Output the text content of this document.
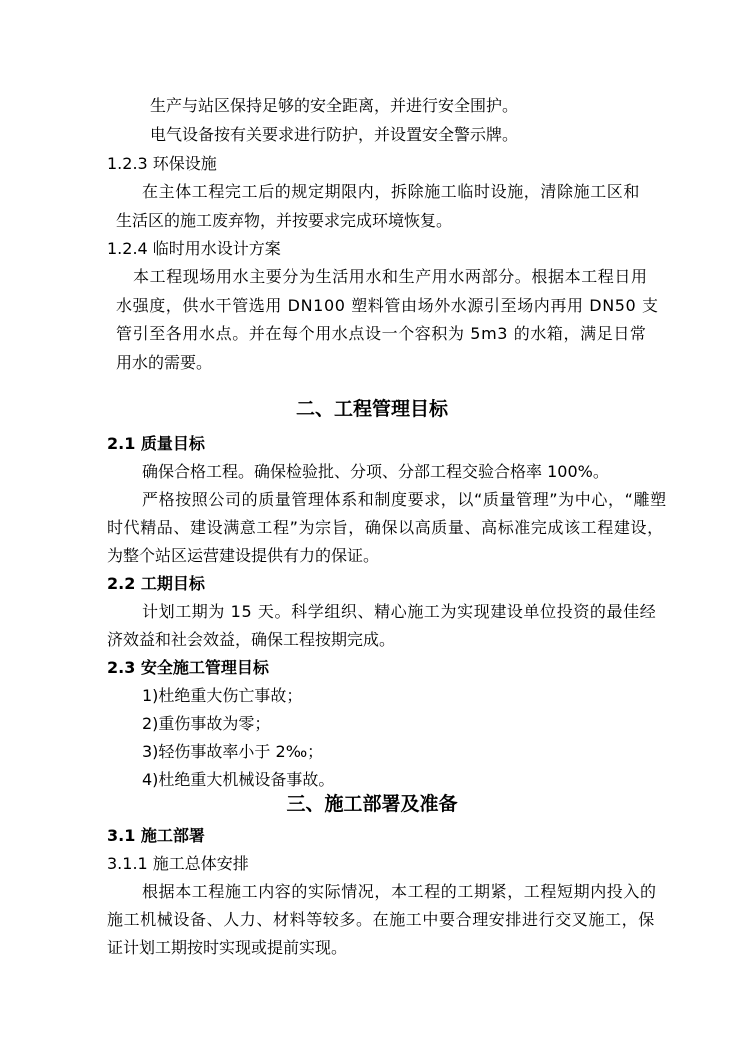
生产与站区保持足够的安全距离，并进行安全围护。
电气设备按有关要求进行防护，并设置安全警示牌。
1.2.3 环保设施
在主体工程完工后的规定期限内，拆除施工临时设施，清除施工区和
生活区的施工废弃物，并按要求完成环境恢复。
1.2.4 临时用水设计方案
本工程现场用水主要分为生活用水和生产用水两部分。根据本工程日用
水强度，供水干管选用 DN100 塑料管由场外水源引至场内再用 DN50 支
管引至各用水点。并在每个用水点设一个容积为 5m3 的水箱，满足日常
用水的需要。
二、工程管理目标
2.1 质量目标
确保合格工程。确保检验批、分项、分部工程交验合格率 100%。
严格按照公司的质量管理体系和制度要求，以“质量管理”为中心，“雕塑
时代精品、建设满意工程”为宗旨，确保以高质量、高标准完成该工程建设，
为整个站区运营建设提供有力的保证。
2.2 工期目标
计划工期为 15 天。科学组织、精心施工为实现建设单位投资的最佳经
济效益和社会效益，确保工程按期完成。
2.3 安全施工管理目标
1)杜绝重大伤亡事故；
2)重伤事故为零；
3)轻伤事故率小于 2‰；
4)杜绝重大机械设备事故。
三、施工部署及准备
3.1 施工部署
3.1.1 施工总体安排
根据本工程施工内容的实际情况，本工程的工期紧，工程短期内投入的
施工机械设备、人力、材料等较多。在施工中要合理安排进行交叉施工，保
证计划工期按时实现或提前实现。
